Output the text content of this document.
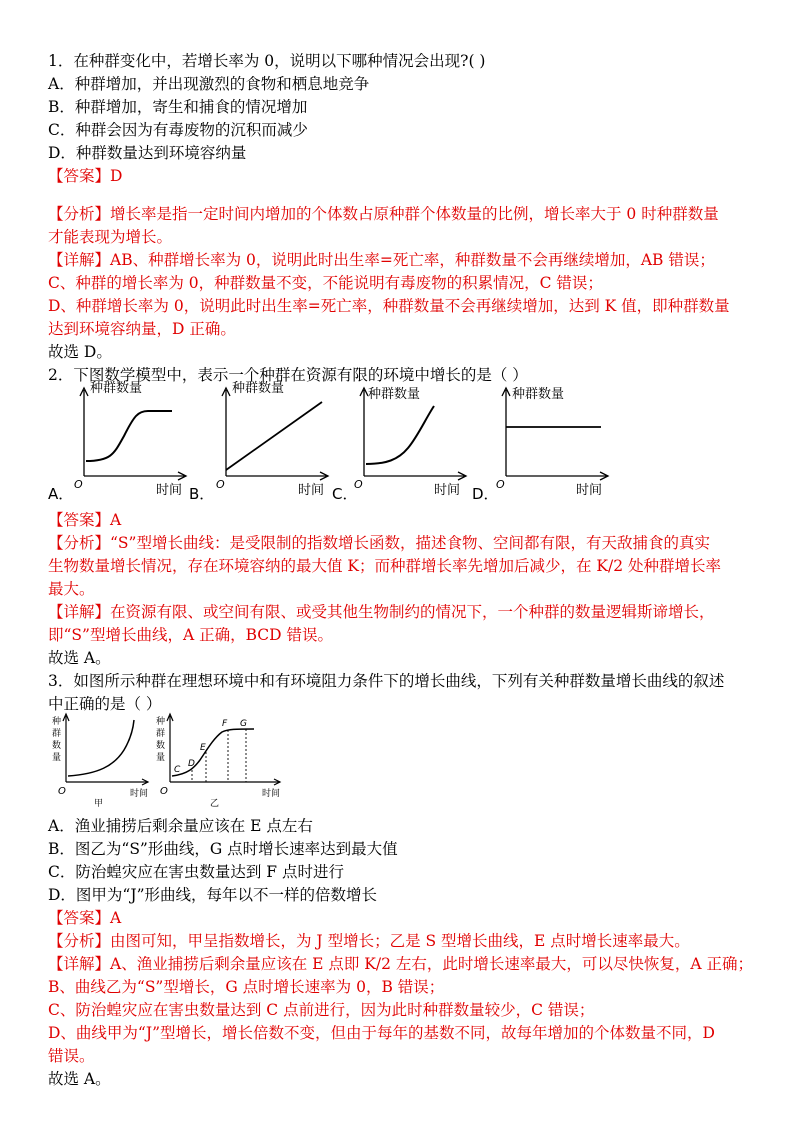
1．在种群变化中，若增长率为 0，说明以下哪种情况会出现?( )
A．种群增加，并出现激烈的食物和栖息地竞争
B．种群增加，寄生和捕食的情况增加
C．种群会因为有毒废物的沉积而减少
D．种群数量达到环境容纳量
【答案】D
【分析】增长率是指一定时间内增加的个体数占原种群个体数量的比例，增长率大于 0 时种群数量
才能表现为增长。
【详解】AB、种群增长率为 0，说明此时出生率=死亡率，种群数量不会再继续增加，AB 错误；
C、种群的增长率为 0，种群数量不变，不能说明有毒废物的积累情况，C 错误；
D、种群增长率为 0，说明此时出生率=死亡率，种群数量不会再继续增加，达到 K 值，即种群数量
达到环境容纳量，D 正确。
故选 D。
2．下图数学模型中，表示一个种群在资源有限的环境中增长的是（ ）
种群数量
O	时间
A．
种群数量
O	时间
B．
种群数量
O	时间
C．
种群数量
O	时间
D．
【答案】A
【分析】“S”型增长曲线：是受限制的指数增长函数，描述食物、空间都有限，有天敌捕食的真实
生物数量增长情况，存在环境容纳的最大值 K；而种群增长率先增加后减少，在 K/2 处种群增长率
最大。
【详解】在资源有限、或空间有限、或受其他生物制约的情况下，一个种群的数量逻辑斯谛增长，
即“S”型增长曲线，A 正确，BCD 错误。
故选 A。
3．如图所示种群在理想环境中和有环境阻力条件下的增长曲线，下列有关种群数量增长曲线的叙述
中正确的是（ ）
种
群
数
量
O	时间
甲
种
群
数
量
C
D
E
F G
O	时间
乙
A．渔业捕捞后剩余量应该在 E 点左右
B．图乙为“S”形曲线，G 点时增长速率达到最大值
C．防治蝗灾应在害虫数量达到 F 点时进行
D．图甲为“J”形曲线，每年以不一样的倍数增长
【答案】A
【分析】由图可知，甲呈指数增长，为 J 型增长；乙是 S 型增长曲线，E 点时增长速率最大。
【详解】A、渔业捕捞后剩余量应该在 E 点即 K/2 左右，此时增长速率最大，可以尽快恢复，A 正确；
B、曲线乙为“S”型增长，G 点时增长速率为 0，B 错误；
C、防治蝗灾应在害虫数量达到 C 点前进行，因为此时种群数量较少，C 错误；
D、曲线甲为“J”型增长，增长倍数不变，但由于每年的基数不同，故每年增加的个体数量不同，D
错误。
故选 A。
